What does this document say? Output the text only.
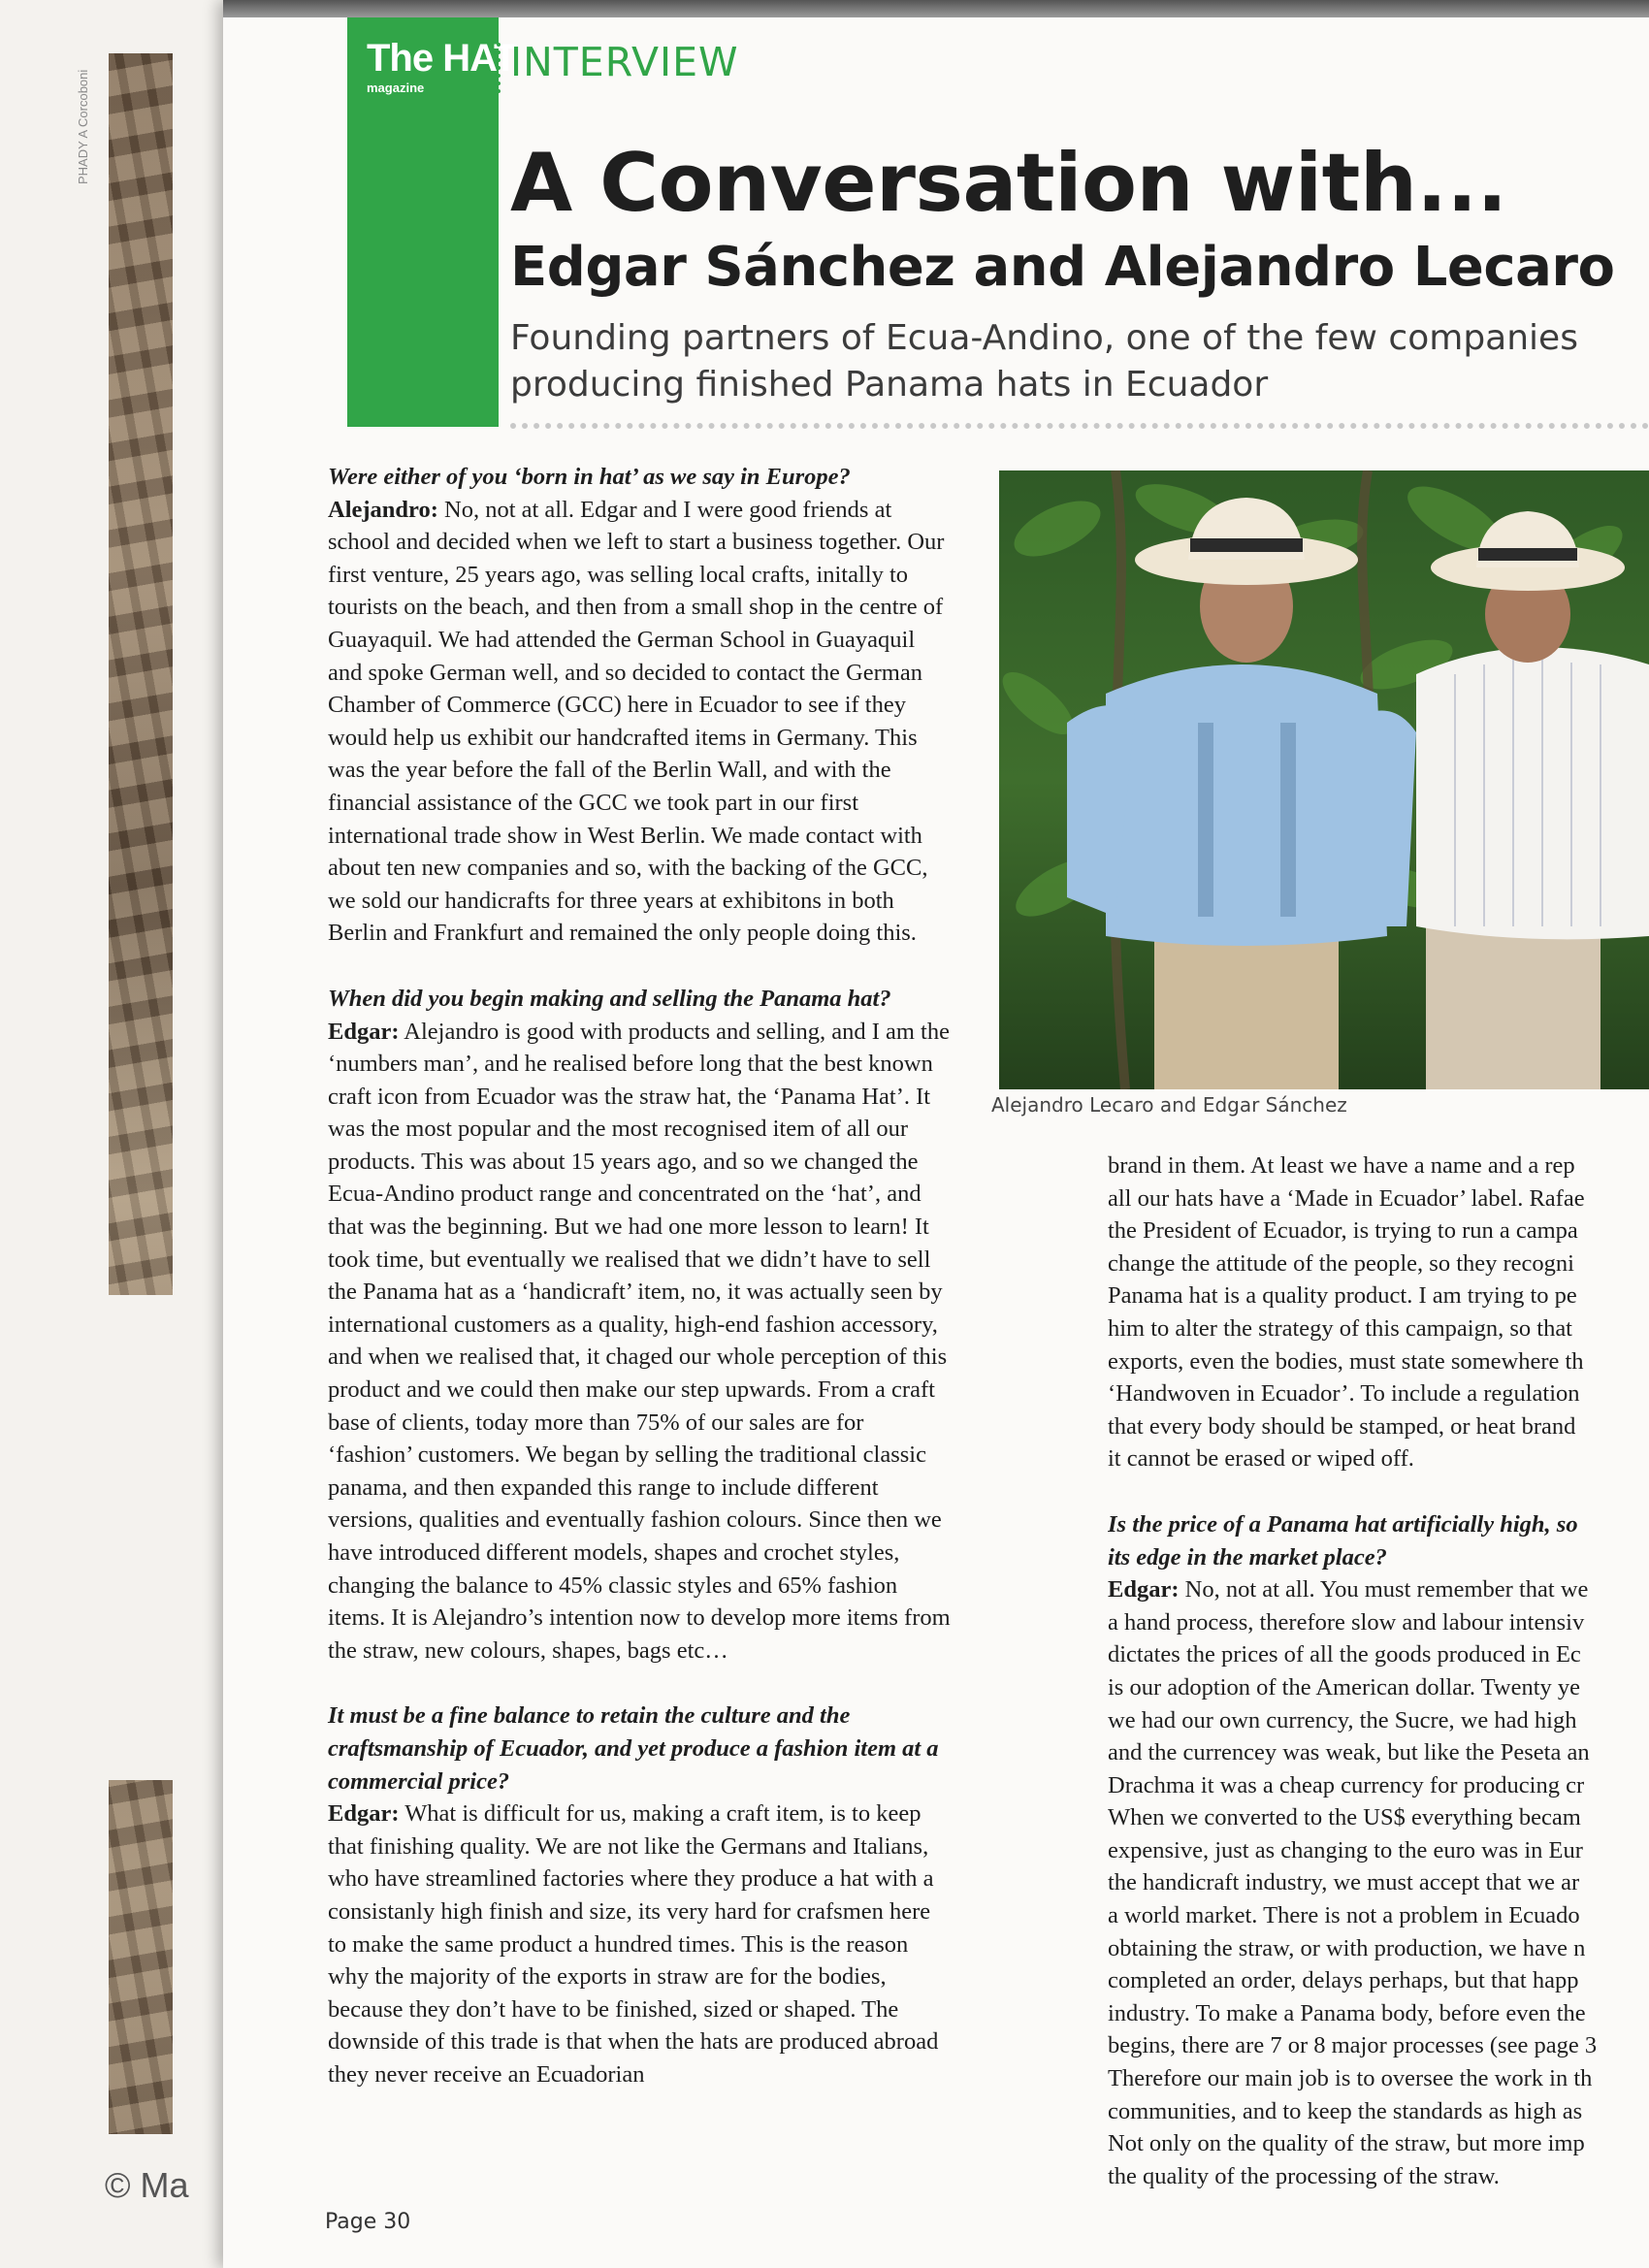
PHADY A Corcoboni
© Ma
The HAT
magazine
INTERVIEW
A Conversation with...
Edgar Sánchez and Alejandro Lecaro
Founding partners of Ecua-Andino, one of the few companies producing finished Panama hats in Ecuador
Alejandro Lecaro and Edgar Sánchez

Were either of you ‘born in hat’ as we say in Europe?

Alejandro: No, not at all. Edgar and I were good friends at school and decided when we left to start a business together. Our first venture, 25 years ago, was selling local crafts, initally to tourists on the beach, and then from a small shop in the centre of Guayaquil. We had attended the German School in Guayaquil and spoke German well, and so decided to contact the German Chamber of Commerce (GCC) here in Ecuador to see if they would help us exhibit our handcrafted items in Germany. This was the year before the fall of the Berlin Wall, and with the financial assistance of the GCC we took part in our first international trade show in West Berlin. We made contact with about ten new companies and so, with the backing of the GCC, we sold our handicrafts for three years at exhibitons in both Berlin and Frankfurt and remained the only people doing this.

When did you begin making and selling the Panama hat?

Edgar: Alejandro is good with products and selling, and I am the ‘numbers man’, and he realised before long that the best known craft icon from Ecuador was the straw hat, the ‘Panama Hat’. It was the most popular and the most recognised item of all our products. This was about 15 years ago, and so we changed the Ecua-Andino product range and concentrated on the ‘hat’, and that was the beginning. But we had one more lesson to learn! It took time, but eventually we realised that we didn’t have to sell the Panama hat as a ‘handicraft’ item, no, it was actually seen by international customers as a quality, high-end fashion accessory, and when we realised that, it chaged our whole perception of this product and we could then make our step upwards. From a craft base of clients, today more than 75% of our sales are for ‘fashion’ customers. We began by selling the traditional classic panama, and then expanded this range to include different versions, qualities and eventually fashion colours. Since then we have introduced different models, shapes and crochet styles, changing the balance to 45% classic styles and 65% fashion items. It is Alejandro’s intention now to develop more items from the straw, new colours, shapes, bags etc…

It must be a fine balance to retain the culture and the craftsmanship of Ecuador, and yet produce a fashion item at a commercial price?

Edgar: What is difficult for us, making a craft item, is to keep that finishing quality. We are not like the Germans and Italians, who have streamlined factories where they produce a hat with a consistanly high finish and size, its very hard for crafsmen here to make the same product a hundred times. This is the reason why the majority of the exports in straw are for the bodies, because they don’t have to be finished, sized or shaped. The downside of this trade is that when the hats are produced abroad they never receive an Ecuadorian

brand in them. At least we have a name and a rep
all our hats have a ‘Made in Ecuador’ label. Rafae
the President of Ecuador, is trying to run a campa
change the attitude of the people, so they recogni
Panama hat is a quality product. I am trying to pe
him to alter the strategy of this campaign, so that
exports, even the bodies, must state somewhere th
‘Handwoven in Ecuador’. To include a regulation
that every body should be stamped, or heat brand
it cannot be erased or wiped off.
Is the price of a Panama hat artificially high, so
its edge in the market place?
Edgar: No, not at all. You must remember that we
a hand process, therefore slow and labour intensiv
dictates the prices of all the goods produced in Ec
is our adoption of the American dollar. Twenty ye
we had our own currency, the Sucre, we had high
and the currencey was weak, but like the Peseta an
Drachma it was a cheap currency for producing cr
When we converted to the US$ everything becam
expensive, just as changing to the euro was in Eur
the handicraft industry, we must accept that we ar
a world market. There is not a problem in Ecuado
obtaining the straw, or with production, we have n
completed an order, delays perhaps, but that happ
industry. To make a Panama body, before even the
begins, there are 7 or 8 major processes (see page 3
Therefore our main job is to oversee the work in th
communities, and to keep the standards as high as
Not only on the quality of the straw, but more imp
the quality of the processing of the straw.
Page 30
